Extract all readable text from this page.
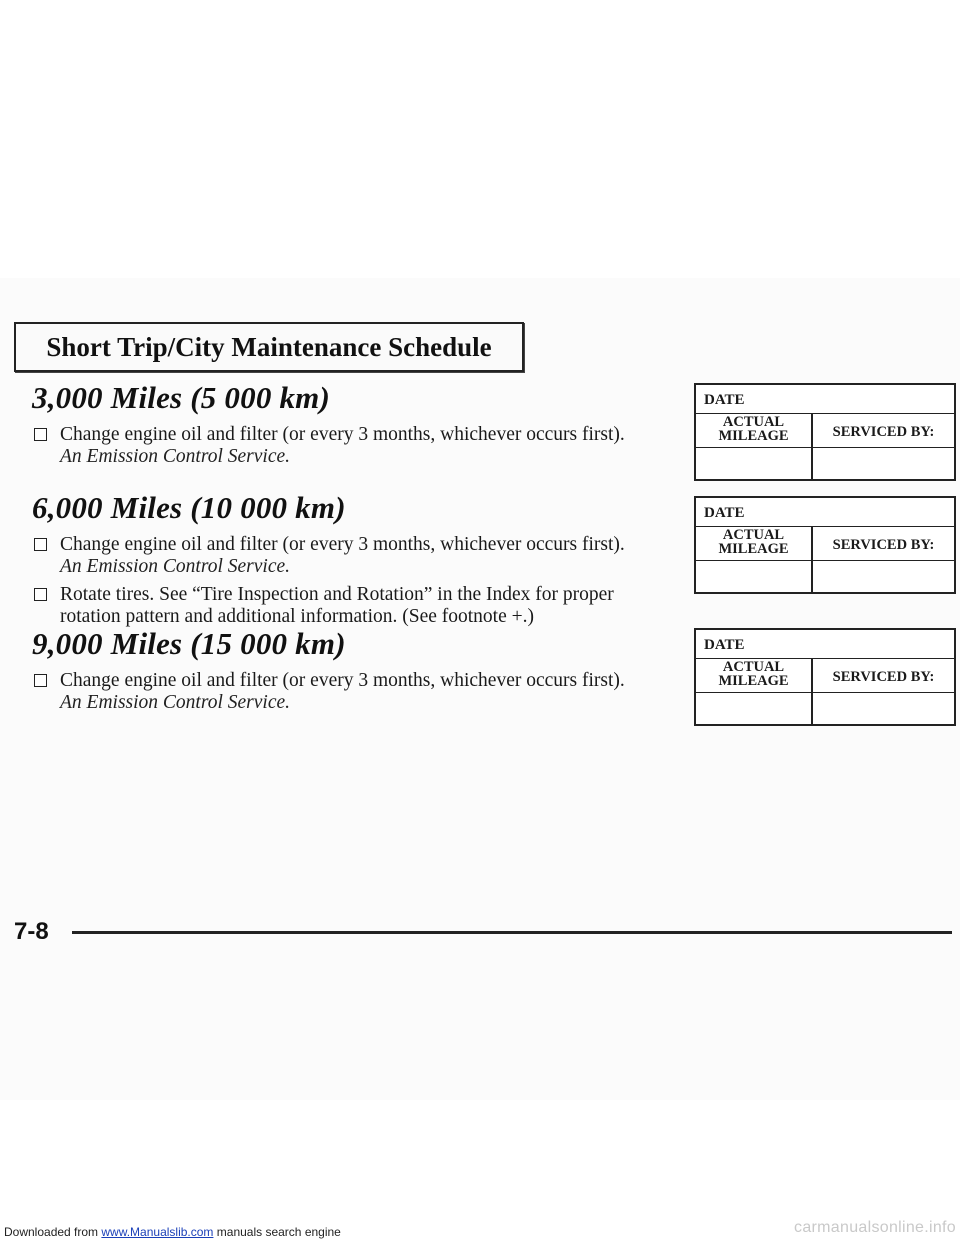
Short Trip/City Maintenance Schedule
3,000 Miles (5 000 km)
Change engine oil and filter (or every 3 months, whichever occurs first).
An Emission Control Service.
6,000 Miles (10 000 km)
Change engine oil and filter (or every 3 months, whichever occurs first).
An Emission Control Service.
Rotate tires. See “Tire Inspection and Rotation” in the Index for proper rotation pattern and additional information. (See footnote +.)
9,000 Miles (15 000 km)
Change engine oil and filter (or every 3 months, whichever occurs first).
An Emission Control Service.
DATE
ACTUAL
MILEAGE	SERVICED BY:
DATE
ACTUAL
MILEAGE	SERVICED BY:
DATE
ACTUAL
MILEAGE	SERVICED BY:
7-8
Downloaded from www.Manualslib.com manuals search engine	carmanualsonline.info
